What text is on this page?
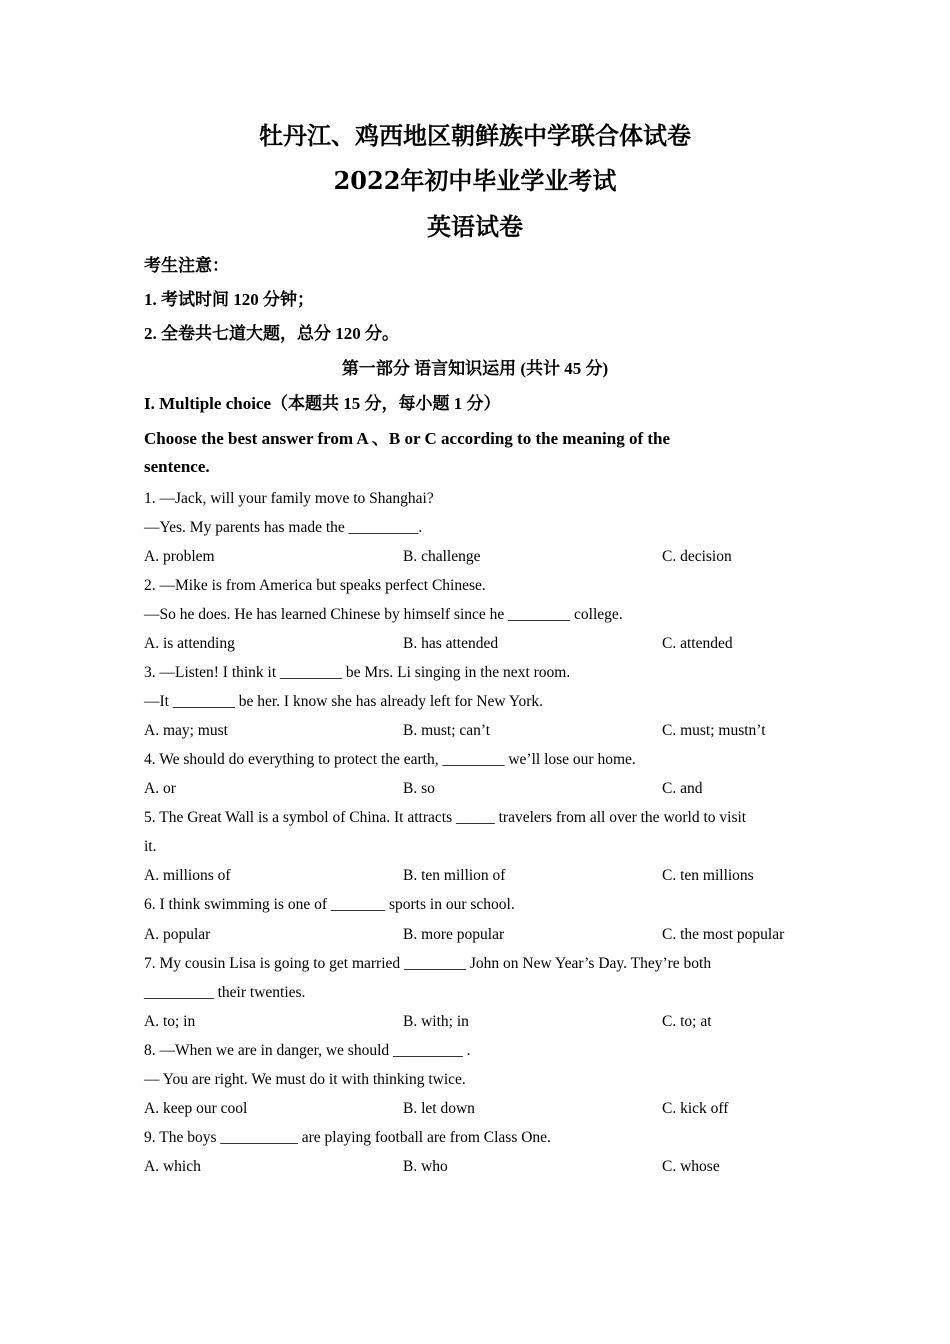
牡丹江、鸡西地区朝鲜族中学联合体试卷
2022年初中毕业学业考试
英语试卷
考生注意：
1. 考试时间 120 分钟；
2. 全卷共七道大题，总分 120 分。
第一部分 语言知识运用 (共计 45 分)
I. Multiple choice（本题共 15 分，每小题 1 分）
Choose the best answer from A 、B or C according to the meaning of the
sentence.
1. —Jack, will your family move to Shanghai?
—Yes. My parents has made the _________.
A. problem	B. challenge	C. decision
2. —Mike is from America but speaks perfect Chinese.
—So he does. He has learned Chinese by himself since he ________ college.
A. is attending	B. has attended	C. attended
3. —Listen! I think it ________ be Mrs. Li singing in the next room.
—It ________ be her. I know she has already left for New York.
A. may; must	B. must; can’t	C. must; mustn’t
4. We should do everything to protect the earth, ________ we’ll lose our home.
A. or	B. so	C. and
5. The Great Wall is a symbol of China. It attracts _____ travelers from all over the world to visit
it.
A. millions of	B. ten million of	C. ten millions
6. I think swimming is one of _______ sports in our school.
A. popular	B. more popular	C. the most popular
7. My cousin Lisa is going to get married ________ John on New Year’s Day. They’re both
_________ their twenties.
A. to; in	B. with; in	C. to; at
8. —When we are in danger, we should _________ .
— You are right. We must do it with thinking twice.
A. keep our cool	B. let down	C. kick off
9. The boys __________ are playing football are from Class One.
A. which	B. who	C. whose
